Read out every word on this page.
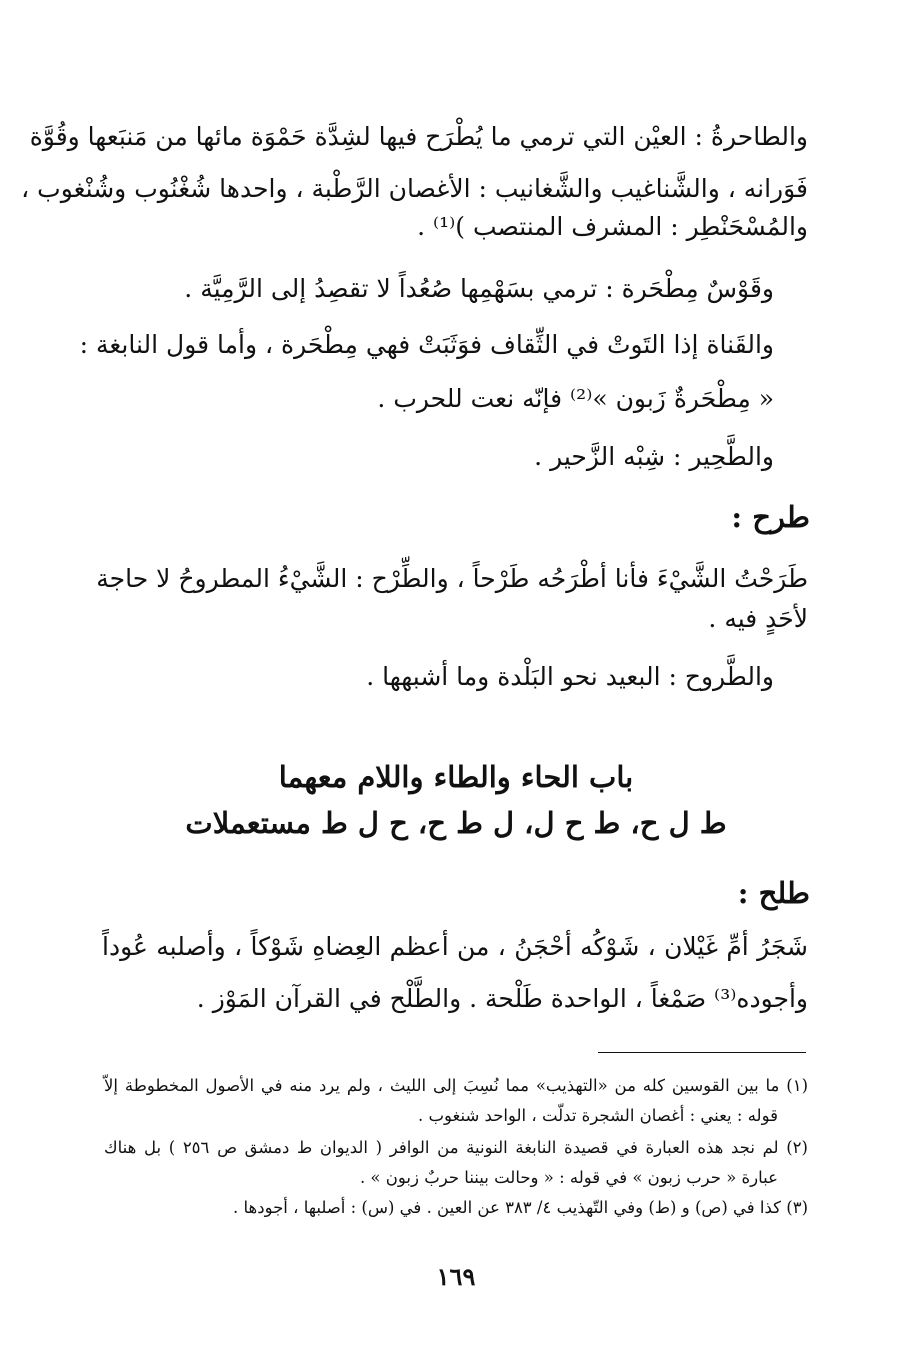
والطاحرةُ : العيْن التي ترمي ما يُطْرَح فيها لشِدَّة حَمْوَة مائها من مَنبَعها وقُوَّة
فَوَرانه ، والشَّناغيب والشَّغانيب : الأغصان الرَّطْبة ، واحدها شُغْنُوب وشُنْغوب ،
والمُسْحَنْطِر : المشرف المنتصب )⁽¹⁾ .
وقَوْسٌ مِطْحَرة : ترمي بسَهْمِها صُعُداً لا تقصِدُ إلى الرَّمِيَّة .
والقَناة إذا التَوتْ في الثِّقاف فوَثَبَتْ فهي مِطْحَرة ، وأما قول النابغة :
« مِطْحَرةٌ زَبون »⁽²⁾ فإنّه نعت للحرب .
والطَّحِير : شِبْه الزَّحير .
طرح :
طَرَحْتُ الشَّيْءَ فأنا أطْرَحُه طَرْحاً ، والطِّرْح : الشَّيْءُ المطروحُ لا حاجة
لأحَدٍ فيه .
والطَّروح : البعيد نحو البَلْدة وما أشبهها .
باب الحاء والطاء واللام معهما
ط ل ح، ط ح ل، ل ط ح، ح ل ط مستعملات
طلح :
شَجَرُ أمِّ غَيْلان ، شَوْكُه أحْجَنُ ، من أعظم العِضاهِ شَوْكاً ، وأصلبه عُوداً
وأجوده⁽³⁾ صَمْغاً ، الواحدة طَلْحة . والطَّلْح في القرآن المَوْز .
(١) ما بين القوسين كله من «التهذيب» مما نُسِبَ إلى الليث ، ولم يرد منه في الأصول المخطوطة إلاّ
قوله : يعني : أغصان الشجرة تدلّت ، الواحد شنغوب .
(٢) لم نجد هذه العبارة في قصيدة النابغة النونية من الوافر ( الديوان ط دمشق ص ٢٥٦ ) بل هناك
عبارة « حرب زبون » في قوله : « وحالت بيننا حربٌ زبون » .
(٣) كذا في (ص) و (ط) وفي التّهذيب ٤/ ٣٨٣ عن العين . في (س) : أصلبها ، أجودها .
١٦٩
